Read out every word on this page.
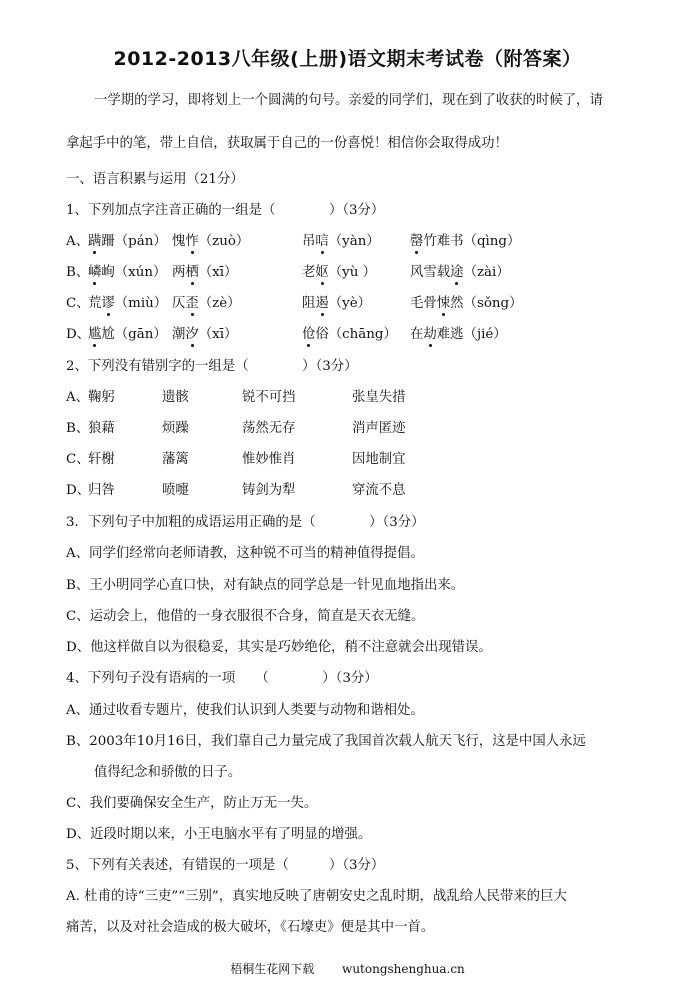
2012-2013八年级(上册)语文期末考试卷（附答案）
一学期的学习，即将划上一个圆满的句号。亲爱的同学们，现在到了收获的时候了，请
拿起手中的笔，带上自信，获取属于自己的一份喜悦！相信你会取得成功！
一、语言积累与运用（21分）
1、下列加点字注音正确的一组是（　　　　）（3分）
A、
蹒跚（pán） 愧怍（zuò）	吊唁（yàn） 罄竹难书（qìng）
B、
嶙峋（xún） 两栖（xī）	老妪（yù ）	风雪载途（zài）
C、
荒谬（miù） 仄歪（zè）	阻遏（yè）	毛骨悚然（sǒng）
D、
尴尬（gān） 潮汐（xī）	伧俗（chāng） 在劫难逃（jié）
2、下列没有错别字的一组是（　　　　）（3分）
A、
鞠躬	遗骸	锐不可挡	张皇失措
B、
狼藉	烦躁	荡然无存	消声匿迹
C、
轩榭	藩篱	惟妙惟肖	因地制宜
D、
归咎	喷嚏	铸剑为犁	穿流不息
3．下列句子中加粗的成语运用正确的是（　　　　）（3分）
A、同学们经常向老师请教，这种锐不可当的精神值得提倡。
B、王小明同学心直口快，对有缺点的同学总是一针见血地指出来。
C、运动会上，他借的一身衣服很不合身，简直是天衣无缝。
D、他这样做自以为很稳妥，其实是巧妙绝伦，稍不注意就会出现错误。
4、下列句子没有语病的一项　　（　　　　）（3分）
A、通过收看专题片，使我们认识到人类要与动物和谐相处。
B、2003年10月16日，我们靠自己力量完成了我国首次载人航天飞行，这是中国人永远
值得纪念和骄傲的日子。
C、我们要确保安全生产，防止万无一失。
D、近段时期以来，小王电脑水平有了明显的增强。
5、下列有关表述，有错误的一项是（　　　）（3分）
A. 杜甫的诗“三吏”“三别”，真实地反映了唐朝安史之乱时期，战乱给人民带来的巨大
痛苦，以及对社会造成的极大破坏，《石壕吏》便是其中一首。
梧桐生花网下载 wutongshenghua.cn
